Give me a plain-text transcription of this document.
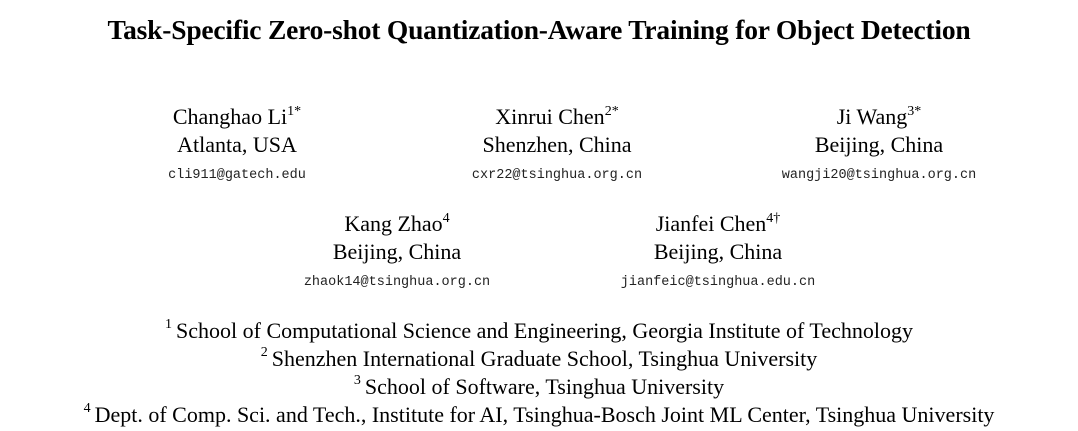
Task-Specific Zero-shot Quantization-Aware Training for Object Detection
Changhao $Li^{1*}$
Atlanta, USA
cli911@gatech.edu
Xinrui Chen$^{2*}$
Shenzhen, China
cxr22@tsinghua.org.cn
Ji Wang$^{3*}$
Beijing, China
wangji20@tsinghua.org.cn
Kang Zhao$^4$
Beijing, China
zhaok14@tsinghua.org.cn
Jianfei Chen$^{4\dagger}$
Beijing, China
jianfeic@tsinghua.edu.cn
$^1$ School of Computational Science and Engineering, Georgia Institute of Technology
$^2$ Shenzhen International Graduate School, Tsinghua University
$^3$ School of Software, Tsinghua University
$^4$ Dept. of Comp. Sci. and Tech., Institute for AI, Tsinghua-Bosch Joint ML Center, Tsinghua University
